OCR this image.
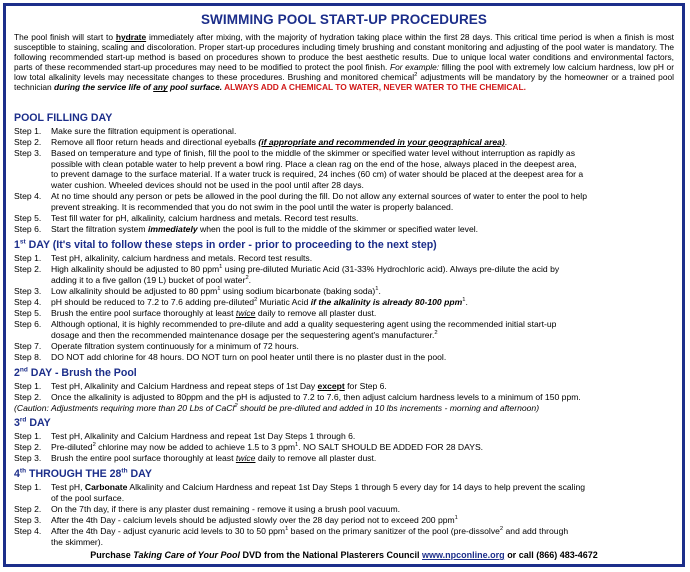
SWIMMING POOL START-UP PROCEDURES
The pool finish will start to hydrate immediately after mixing, with the majority of hydration taking place within the first 28 days. This critical time period is when a finish is most susceptible to staining, scaling and discoloration. Proper start-up procedures including timely brushing and constant monitoring and adjusting of the pool water is mandatory. The following recommended start-up method is based on procedures shown to produce the best aesthetic results. Due to unique local water conditions and environmental factors, parts of these recommended start-up procedures may need to be modified to protect the pool finish. For example: filling the pool with extremely low calcium hardness, low pH or low total alkalinity levels may necessitate changes to these procedures. Brushing and monitored chemical$^2$ adjustments will be mandatory by the homeowner or a trained pool technician during the service life of any pool surface. ALWAYS ADD A CHEMICAL TO WATER, NEVER WATER TO THE CHEMICAL.
POOL FILLING DAY
Step 1. Make sure the filtration equipment is operational.
Step 2. Remove all floor return heads and directional eyeballs (if appropriate and recommended in your geographical area).
Step 3. Based on temperature and type of finish, fill the pool to the middle of the skimmer or specified water level without interruption as rapidly as
possible with clean potable water to help prevent a bowl ring. Place a clean rag on the end of the hose, always placed in the deepest area,
to prevent damage to the surface material. If a water truck is required, 24 inches (60 cm) of water should be placed at the deepest area for a
water cushion. Wheeled devices should not be used in the pool until after 28 days.
Step 4. At no time should any person or pets be allowed in the pool during the fill. Do not allow any external sources of water to enter the pool to help
prevent streaking. It is recommended that you do not swim in the pool until the water is properly balanced.
Step 5. Test fill water for pH, alkalinity, calcium hardness and metals. Record test results.
Step 6. Start the filtration system immediately when the pool is full to the middle of the skimmer or specified water level.
1st DAY (It's vital to follow these steps in order - prior to proceeding to the next step)
Step 1. Test pH, alkalinity, calcium hardness and metals. Record test results.
Step 2. High alkalinity should be adjusted to 80 ppm$^1$ using pre-diluted Muriatic Acid (31-33% Hydrochloric acid). Always pre-dilute the acid by
adding it to a five gallon (19 L) bucket of pool water$^2$.
Step 3. Low alkalinity should be adjusted to 80 ppm$^1$ using sodium bicarbonate (baking soda)$^1$.
Step 4. pH should be reduced to 7.2 to 7.6 adding pre-diluted$^2$ Muriatic Acid if the alkalinity is already 80-100 ppm$^1$.
Step 5. Brush the entire pool surface thoroughly at least twice daily to remove all plaster dust.
Step 6. Although optional, it is highly recommended to pre-dilute and add a quality sequestering agent using the recommended initial start-up
dosage and then the recommended maintenance dosage per the sequestering agent's manufacturer.$^2$
Step 7. Operate filtration system continuously for a minimum of 72 hours.
Step 8. DO NOT add chlorine for 48 hours. DO NOT turn on pool heater until there is no plaster dust in the pool.
2nd DAY - Brush the Pool
Step 1. Test pH, Alkalinity and Calcium Hardness and repeat steps of 1st Day except for Step 6.
Step 2. Once the alkalinity is adjusted to 80ppm and the pH is adjusted to 7.2 to 7.6, then adjust calcium hardness levels to a minimum of 150 ppm.
(Caution: Adjustments requiring more than 20 Lbs of CaCl$^2$ should be pre-diluted and added in 10 lbs increments - morning and afternoon)
3rd DAY
Step 1. Test pH, Alkalinity and Calcium Hardness and repeat 1st Day Steps 1 through 6.
Step 2. Pre-diluted$^2$ chlorine may now be added to achieve 1.5 to 3 ppm$^1$. NO SALT SHOULD BE ADDED FOR 28 DAYS.
Step 3. Brush the entire pool surface thoroughly at least twice daily to remove all plaster dust.
4th THROUGH THE 28th DAY
Step 1. Test pH, Carbonate Alkalinity and Calcium Hardness and repeat 1st Day Steps 1 through 5 every day for 14 days to help prevent the scaling
of the pool surface.
Step 2. On the 7th day, if there is any plaster dust remaining - remove it using a brush pool vacuum.
Step 3. After the 4th Day - calcium levels should be adjusted slowly over the 28 day period not to exceed 200 ppm$^1$
Step 4. After the 4th Day - adjust cyanuric acid levels to 30 to 50 ppm$^1$ based on the primary sanitizer of the pool (pre-dissolve$^2$ and add through
the skimmer).
Purchase Taking Care of Your Pool DVD from the National Plasterers Council www.npconline.org or call (866) 483-4672
